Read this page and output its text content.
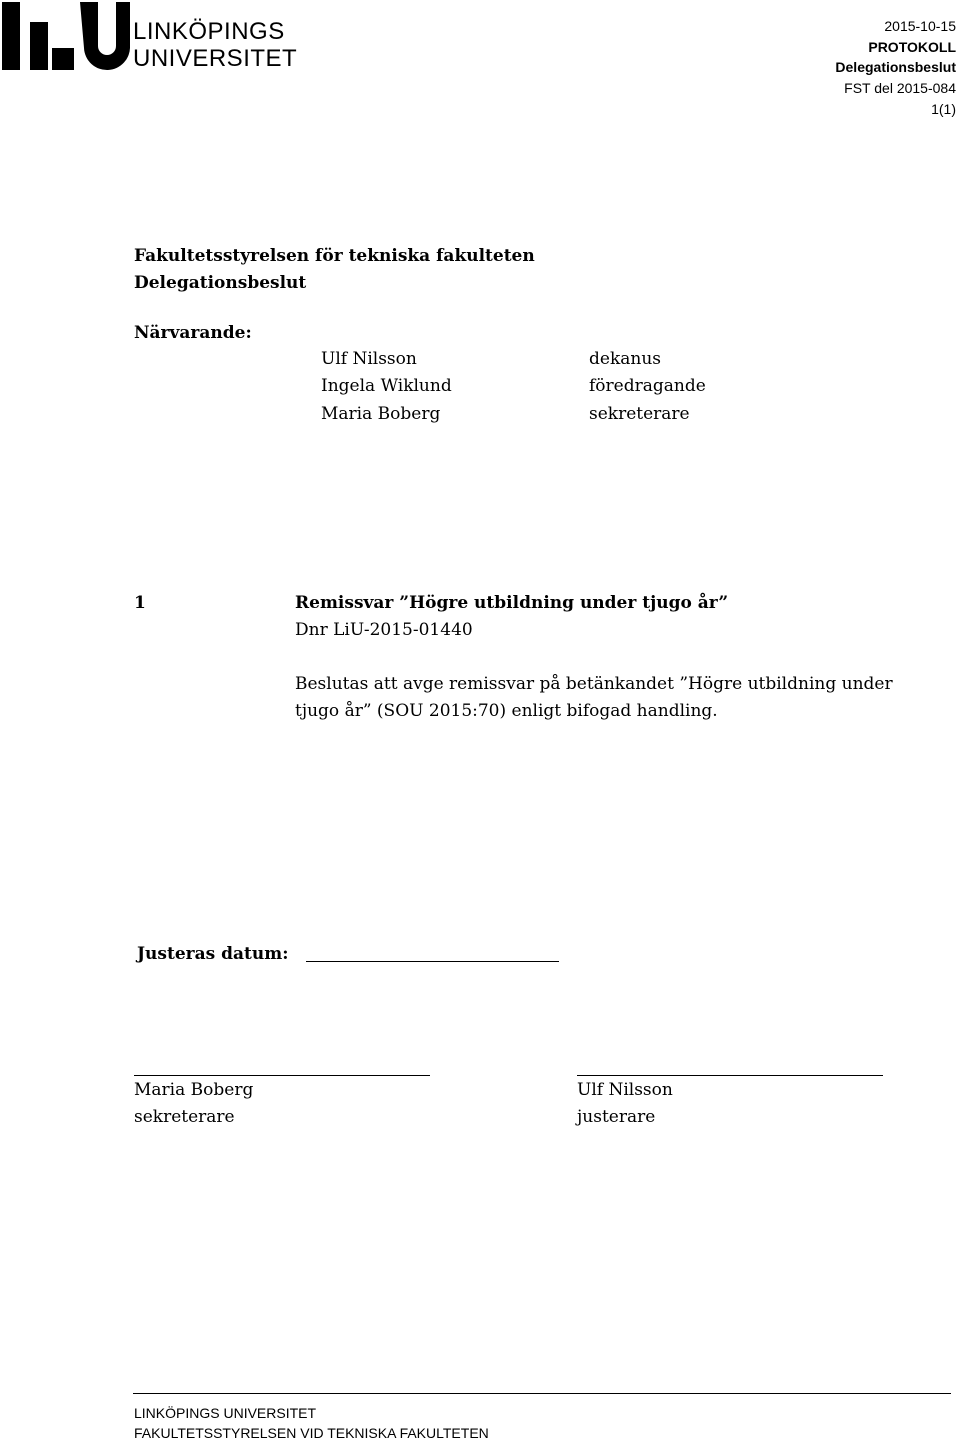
LINKÖPINGS
UNIVERSITET
2015-10-15
PROTOKOLL
Delegationsbeslut
FST del 2015-084
1(1)
Fakultetsstyrelsen för tekniska fakulteten
Delegationsbeslut
Närvarande:
Ulf Nilsson	dekanus
Ingela Wiklund	föredragande
Maria Boberg	sekreterare
1	Remissvar ”Högre utbildning under tjugo år”
Dnr LiU-2015-01440
Beslutas att avge remissvar på betänkandet ”Högre utbildning under
tjugo år” (SOU 2015:70) enligt bifogad handling.
Justeras datum:
Maria Boberg
sekreterare
Ulf Nilsson
justerare
LINKÖPINGS UNIVERSITET
FAKULTETSSTYRELSEN VID TEKNISKA FAKULTETEN
